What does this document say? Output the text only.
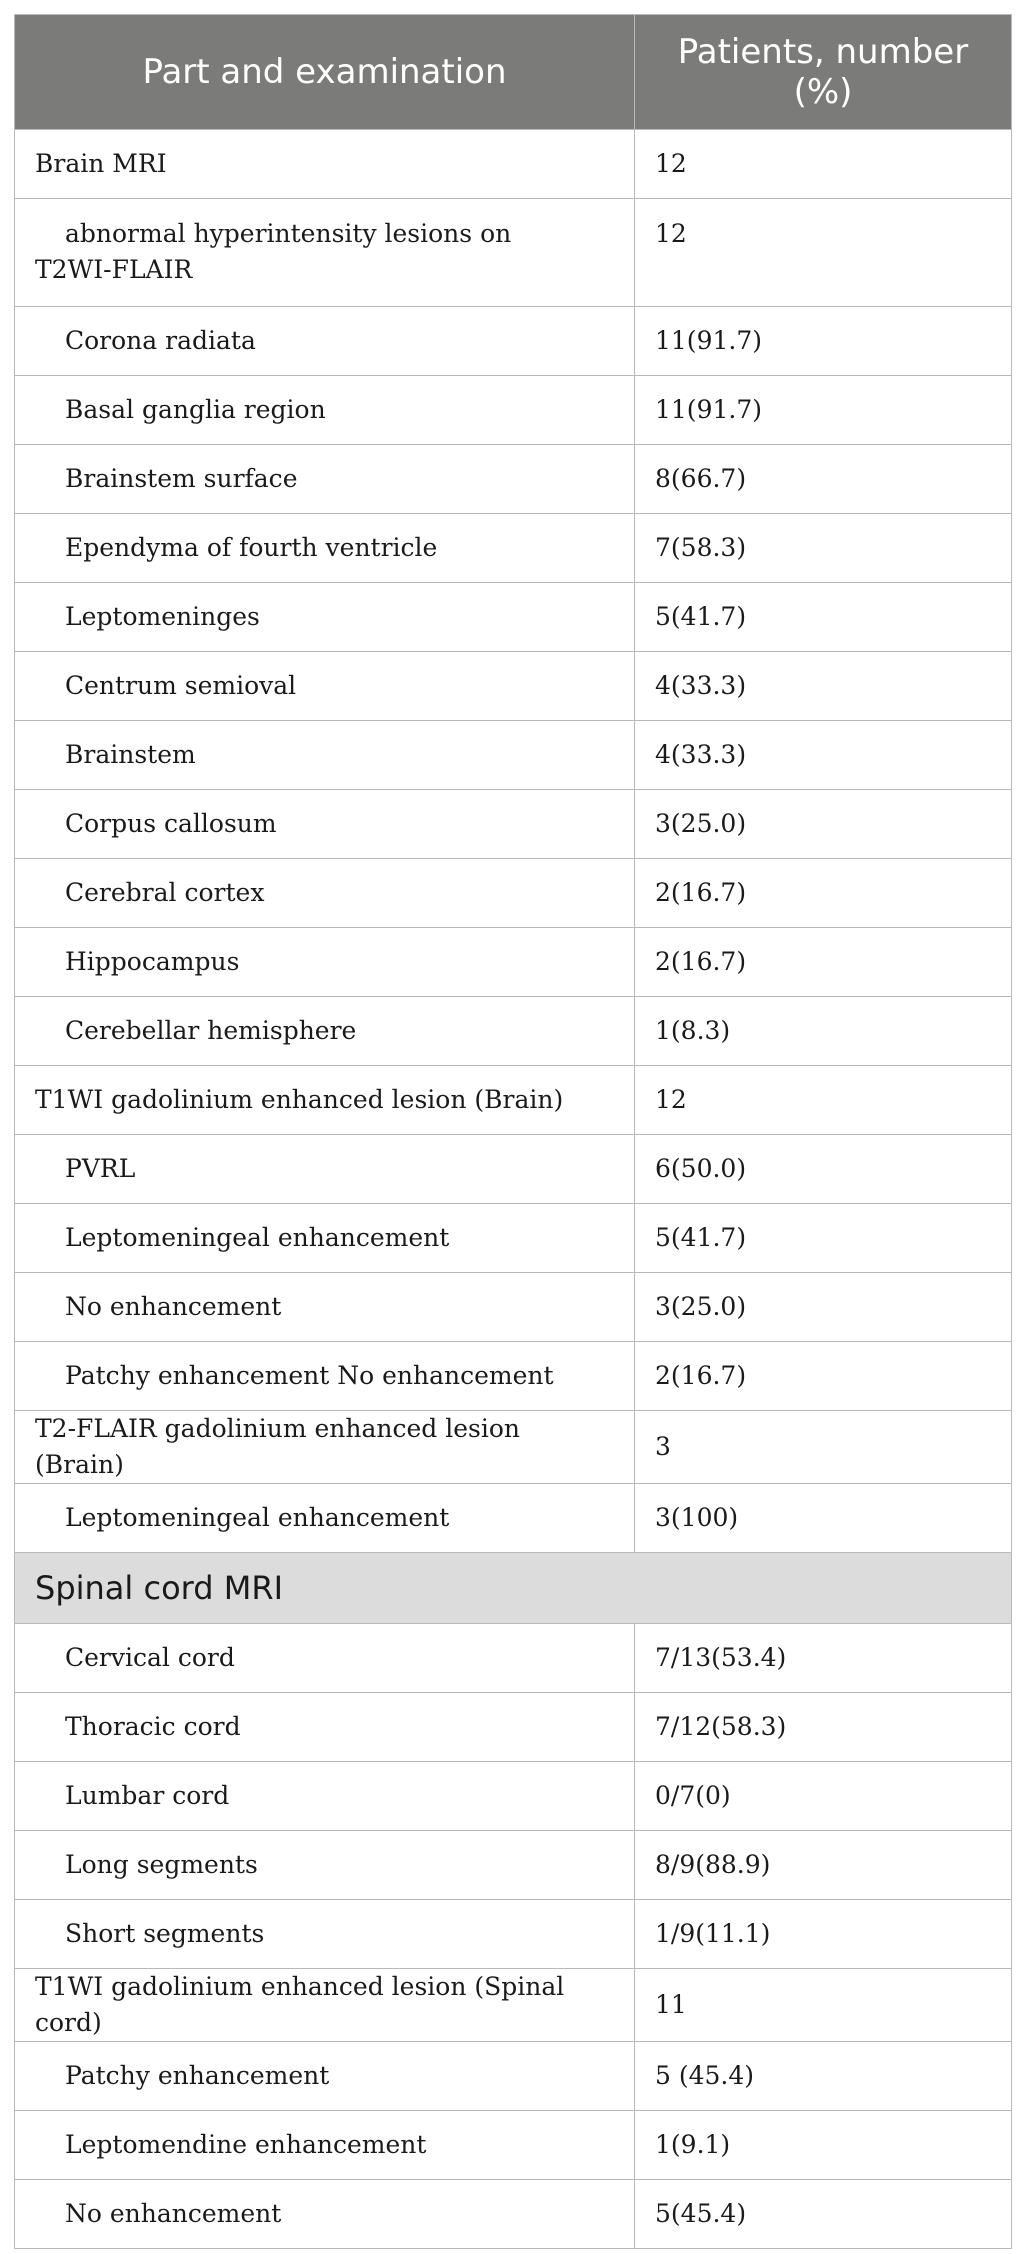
Part and examination	Patients, number (%)
Brain MRI	12
abnormal hyperintensity lesions on T2WI-FLAIR	12
Corona radiata	11(91.7)
Basal ganglia region	11(91.7)
Brainstem surface	8(66.7)
Ependyma of fourth ventricle	7(58.3)
Leptomeninges	5(41.7)
Centrum semioval	4(33.3)
Brainstem	4(33.3)
Corpus callosum	3(25.0)
Cerebral cortex	2(16.7)
Hippocampus	2(16.7)
Cerebellar hemisphere	1(8.3)
T1WI gadolinium enhanced lesion (Brain)	12
PVRL	6(50.0)
Leptomeningeal enhancement	5(41.7)
No enhancement	3(25.0)
Patchy enhancement No enhancement	2(16.7)
T2-FLAIR gadolinium enhanced lesion (Brain)	3
Leptomeningeal enhancement	3(100)
Spinal cord MRI	
Cervical cord	7/13(53.4)
Thoracic cord	7/12(58.3)
Lumbar cord	0/7(0)
Long segments	8/9(88.9)
Short segments	1/9(11.1)
T1WI gadolinium enhanced lesion (Spinal cord)	11
Patchy enhancement	5 (45.4)
Leptomendine enhancement	1(9.1)
No enhancement	5(45.4)
